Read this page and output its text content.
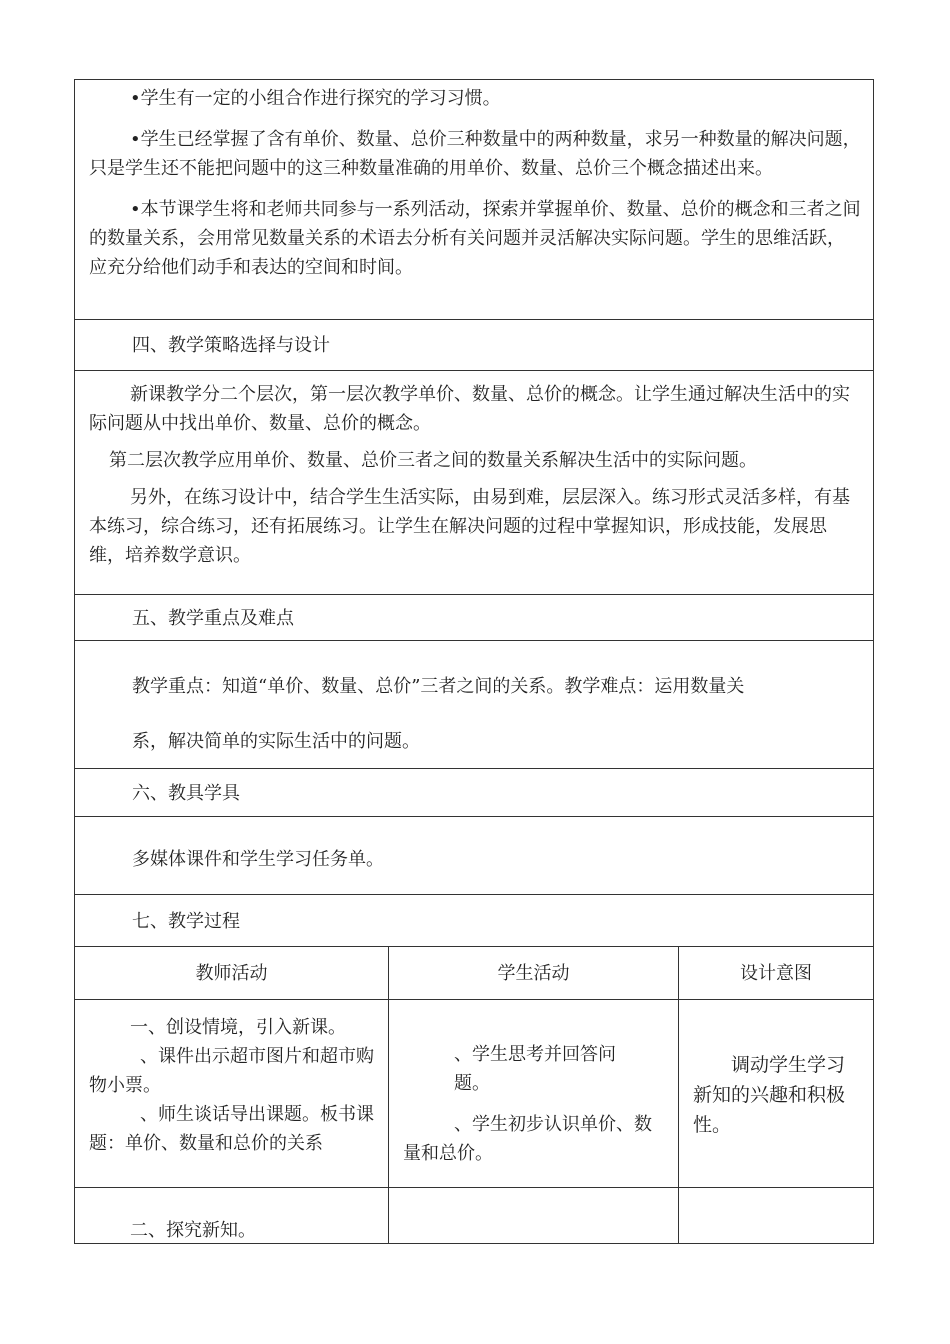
•学生有一定的小组合作进行探究的学习习惯。

•学生已经掌握了含有单价、数量、总价三种数量中的两种数量，求另一种数量的解决问题，只是学生还不能把问题中的这三种数量准确的用单价、数量、总价三个概念描述出来。

•本节课学生将和老师共同参与一系列活动，探索并掌握单价、数量、总价的概念和三者之间的数量关系，会用常见数量关系的术语去分析有关问题并灵活解决实际问题。学生的思维活跃，应充分给他们动手和表达的空间和时间。

四、教学策略选择与设计

新课教学分二个层次，第一层次教学单价、数量、总价的概念。让学生通过解决生活中的实际问题从中找出单价、数量、总价的概念。

第二层次教学应用单价、数量、总价三者之间的数量关系解决生活中的实际问题。

另外，在练习设计中，结合学生生活实际，由易到难，层层深入。练习形式灵活多样，有基本练习，综合练习，还有拓展练习。让学生在解决问题的过程中掌握知识，形成技能，发展思维，培养数学意识。

五、教学重点及难点
教学重点：知道“单价、数量、总价”三者之间的关系。教学难点：运用数量关
系，解决简单的实际生活中的问题。
六、教具学具
多媒体课件和学生学习任务单。
七、教学过程
教师活动	学生活动	设计意图

一、创设情境，引入新课。

、课件出示超市图片和超市购物小票。

、师生谈话导出课题。板书课题：单价、数量和总价的关系

、学生思考并回答问题。

、学生初步认识单价、数量和总价。

调动学生学习新知的兴趣和积极性。

二、探究新知。
